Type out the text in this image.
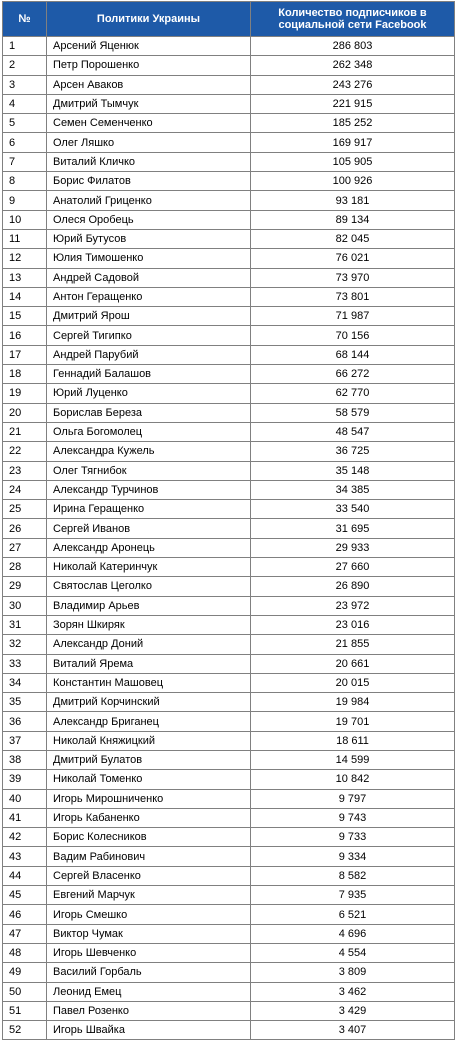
№	Политики Украины	Количество подписчиков в социальной сети Facebook
1	Арсений Яценюк	286 803
2	Петр Порошенко	262 348
3	Арсен Аваков	243 276
4	Дмитрий Тымчук	221 915
5	Семен Семенченко	185 252
6	Олег Ляшко	169 917
7	Виталий Кличко	105 905
8	Борис Филатов	100 926
9	Анатолий Гриценко	93 181
10	Олеся Оробець	89 134
11	Юрий Бутусов	82 045
12	Юлия Тимошенко	76 021
13	Андрей Садовой	73 970
14	Антон Геращенко	73 801
15	Дмитрий Ярош	71 987
16	Сергей Тигипко	70 156
17	Андрей Парубий	68 144
18	Геннадий Балашов	66 272
19	Юрий Луценко	62 770
20	Борислав Береза	58 579
21	Ольга Богомолец	48 547
22	Александра Кужель	36 725
23	Олег Тягнибок	35 148
24	Александр Турчинов	34 385
25	Ирина Геращенко	33 540
26	Сергей Иванов	31 695
27	Александр Аронець	29 933
28	Николай Катеринчук	27 660
29	Святослав Цеголко	26 890
30	Владимир Арьев	23 972
31	Зорян Шкиряк	23 016
32	Александр Доний	21 855
33	Виталий Ярема	20 661
34	Константин Машовец	20 015
35	Дмитрий Корчинский	19 984
36	Александр Бриганец	19 701
37	Николай Княжицкий	18 611
38	Дмитрий Булатов	14 599
39	Николай Томенко	10 842
40	Игорь Мирошниченко	9 797
41	Игорь Кабаненко	9 743
42	Борис Колесников	9 733
43	Вадим Рабинович	9 334
44	Сергей Власенко	8 582
45	Евгений Марчук	7 935
46	Игорь Смешко	6 521
47	Виктор Чумак	4 696
48	Игорь Шевченко	4 554
49	Василий Горбаль	3 809
50	Леонид Емец	3 462
51	Павел Розенко	3 429
52	Игорь Швайка	3 407
